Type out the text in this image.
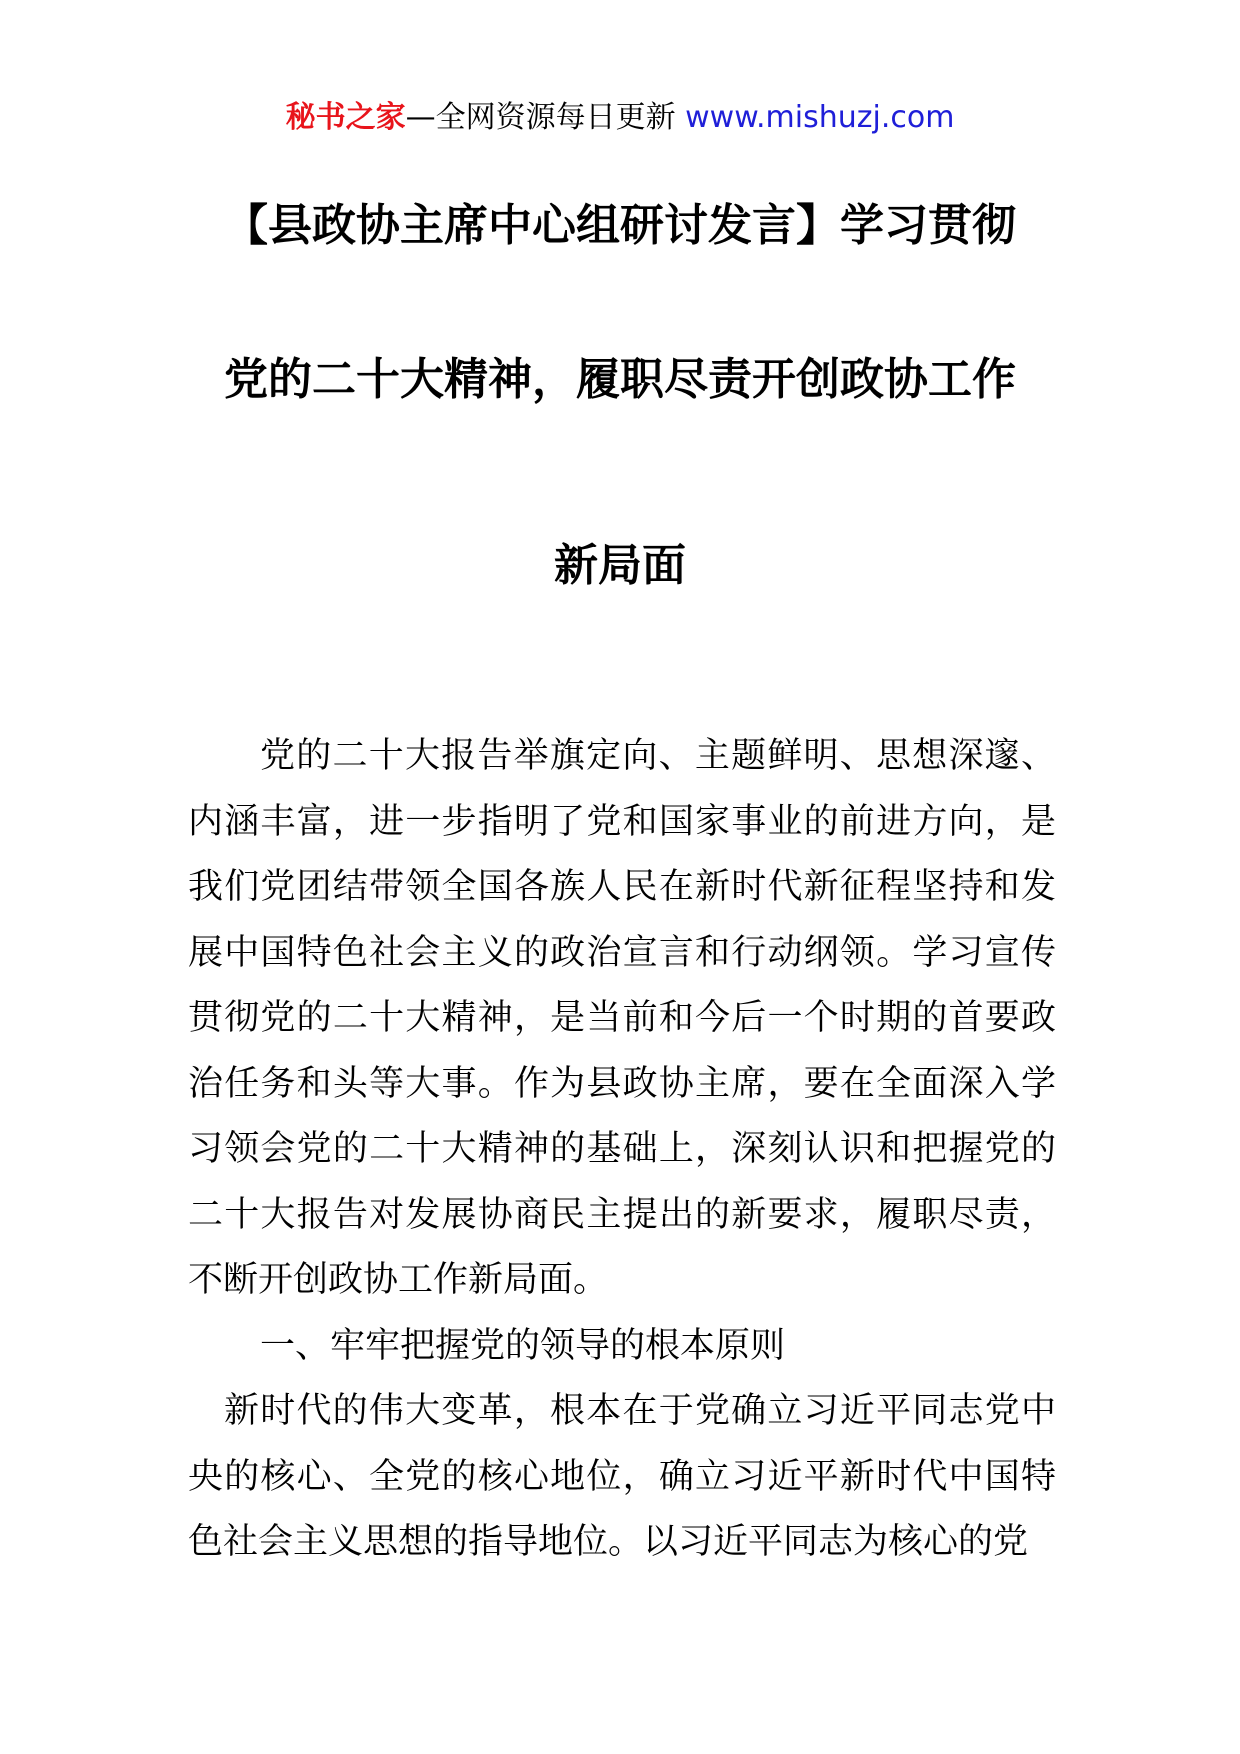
秘书之家—全网资源每日更新 www.mishuzj.com
【县政协主席中心组研讨发言】学习贯彻
党的二十大精神，履职尽责开创政协工作
新局面

党的二十大报告举旗定向、主题鲜明、思想深邃、内涵丰富，进一步指明了党和国家事业的前进方向，是我们党团结带领全国各族人民在新时代新征程坚持和发展中国特色社会主义的政治宣言和行动纲领。学习宣传贯彻党的二十大精神，是当前和今后一个时期的首要政治任务和头等大事。作为县政协主席，要在全面深入学习领会党的二十大精神的基础上，深刻认识和把握党的二十大报告对发展协商民主提出的新要求，履职尽责，不断开创政协工作新局面。

一、牢牢把握党的领导的根本原则

新时代的伟大变革，根本在于党确立习近平同志党中央的核心、全党的核心地位，确立习近平新时代中国特色社会主义思想的指导地位。以习近平同志为核心的党
